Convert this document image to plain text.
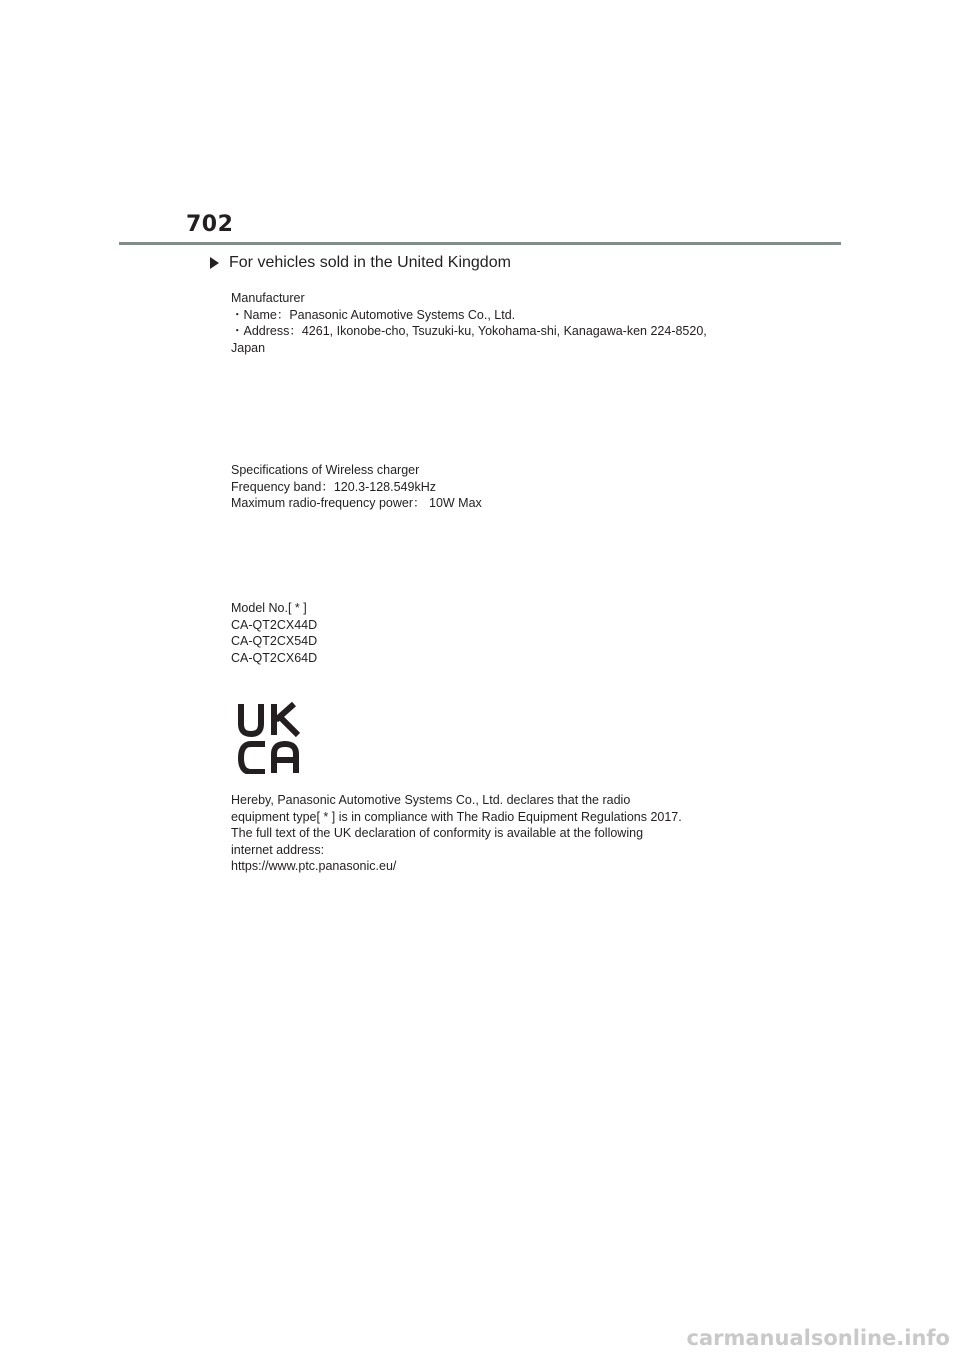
702
For vehicles sold in the United Kingdom
Manufacturer
・Name：Panasonic Automotive Systems Co., Ltd.
・Address：4261, Ikonobe-cho, Tsuzuki-ku, Yokohama-shi, Kanagawa-ken 224-8520,
Japan
Specifications of Wireless charger
Frequency band：120.3-128.549kHz
Maximum radio-frequency power： 10W Max
Model No.[ * ]
CA-QT2CX44D
CA-QT2CX54D
CA-QT2CX64D
Hereby, Panasonic Automotive Systems Co., Ltd. declares that the radio
equipment type[ * ] is in compliance with The Radio Equipment Regulations 2017.
The full text of the UK declaration of conformity is available at the following
internet address:
https://www.ptc.panasonic.eu/
carmanualsonline.info
